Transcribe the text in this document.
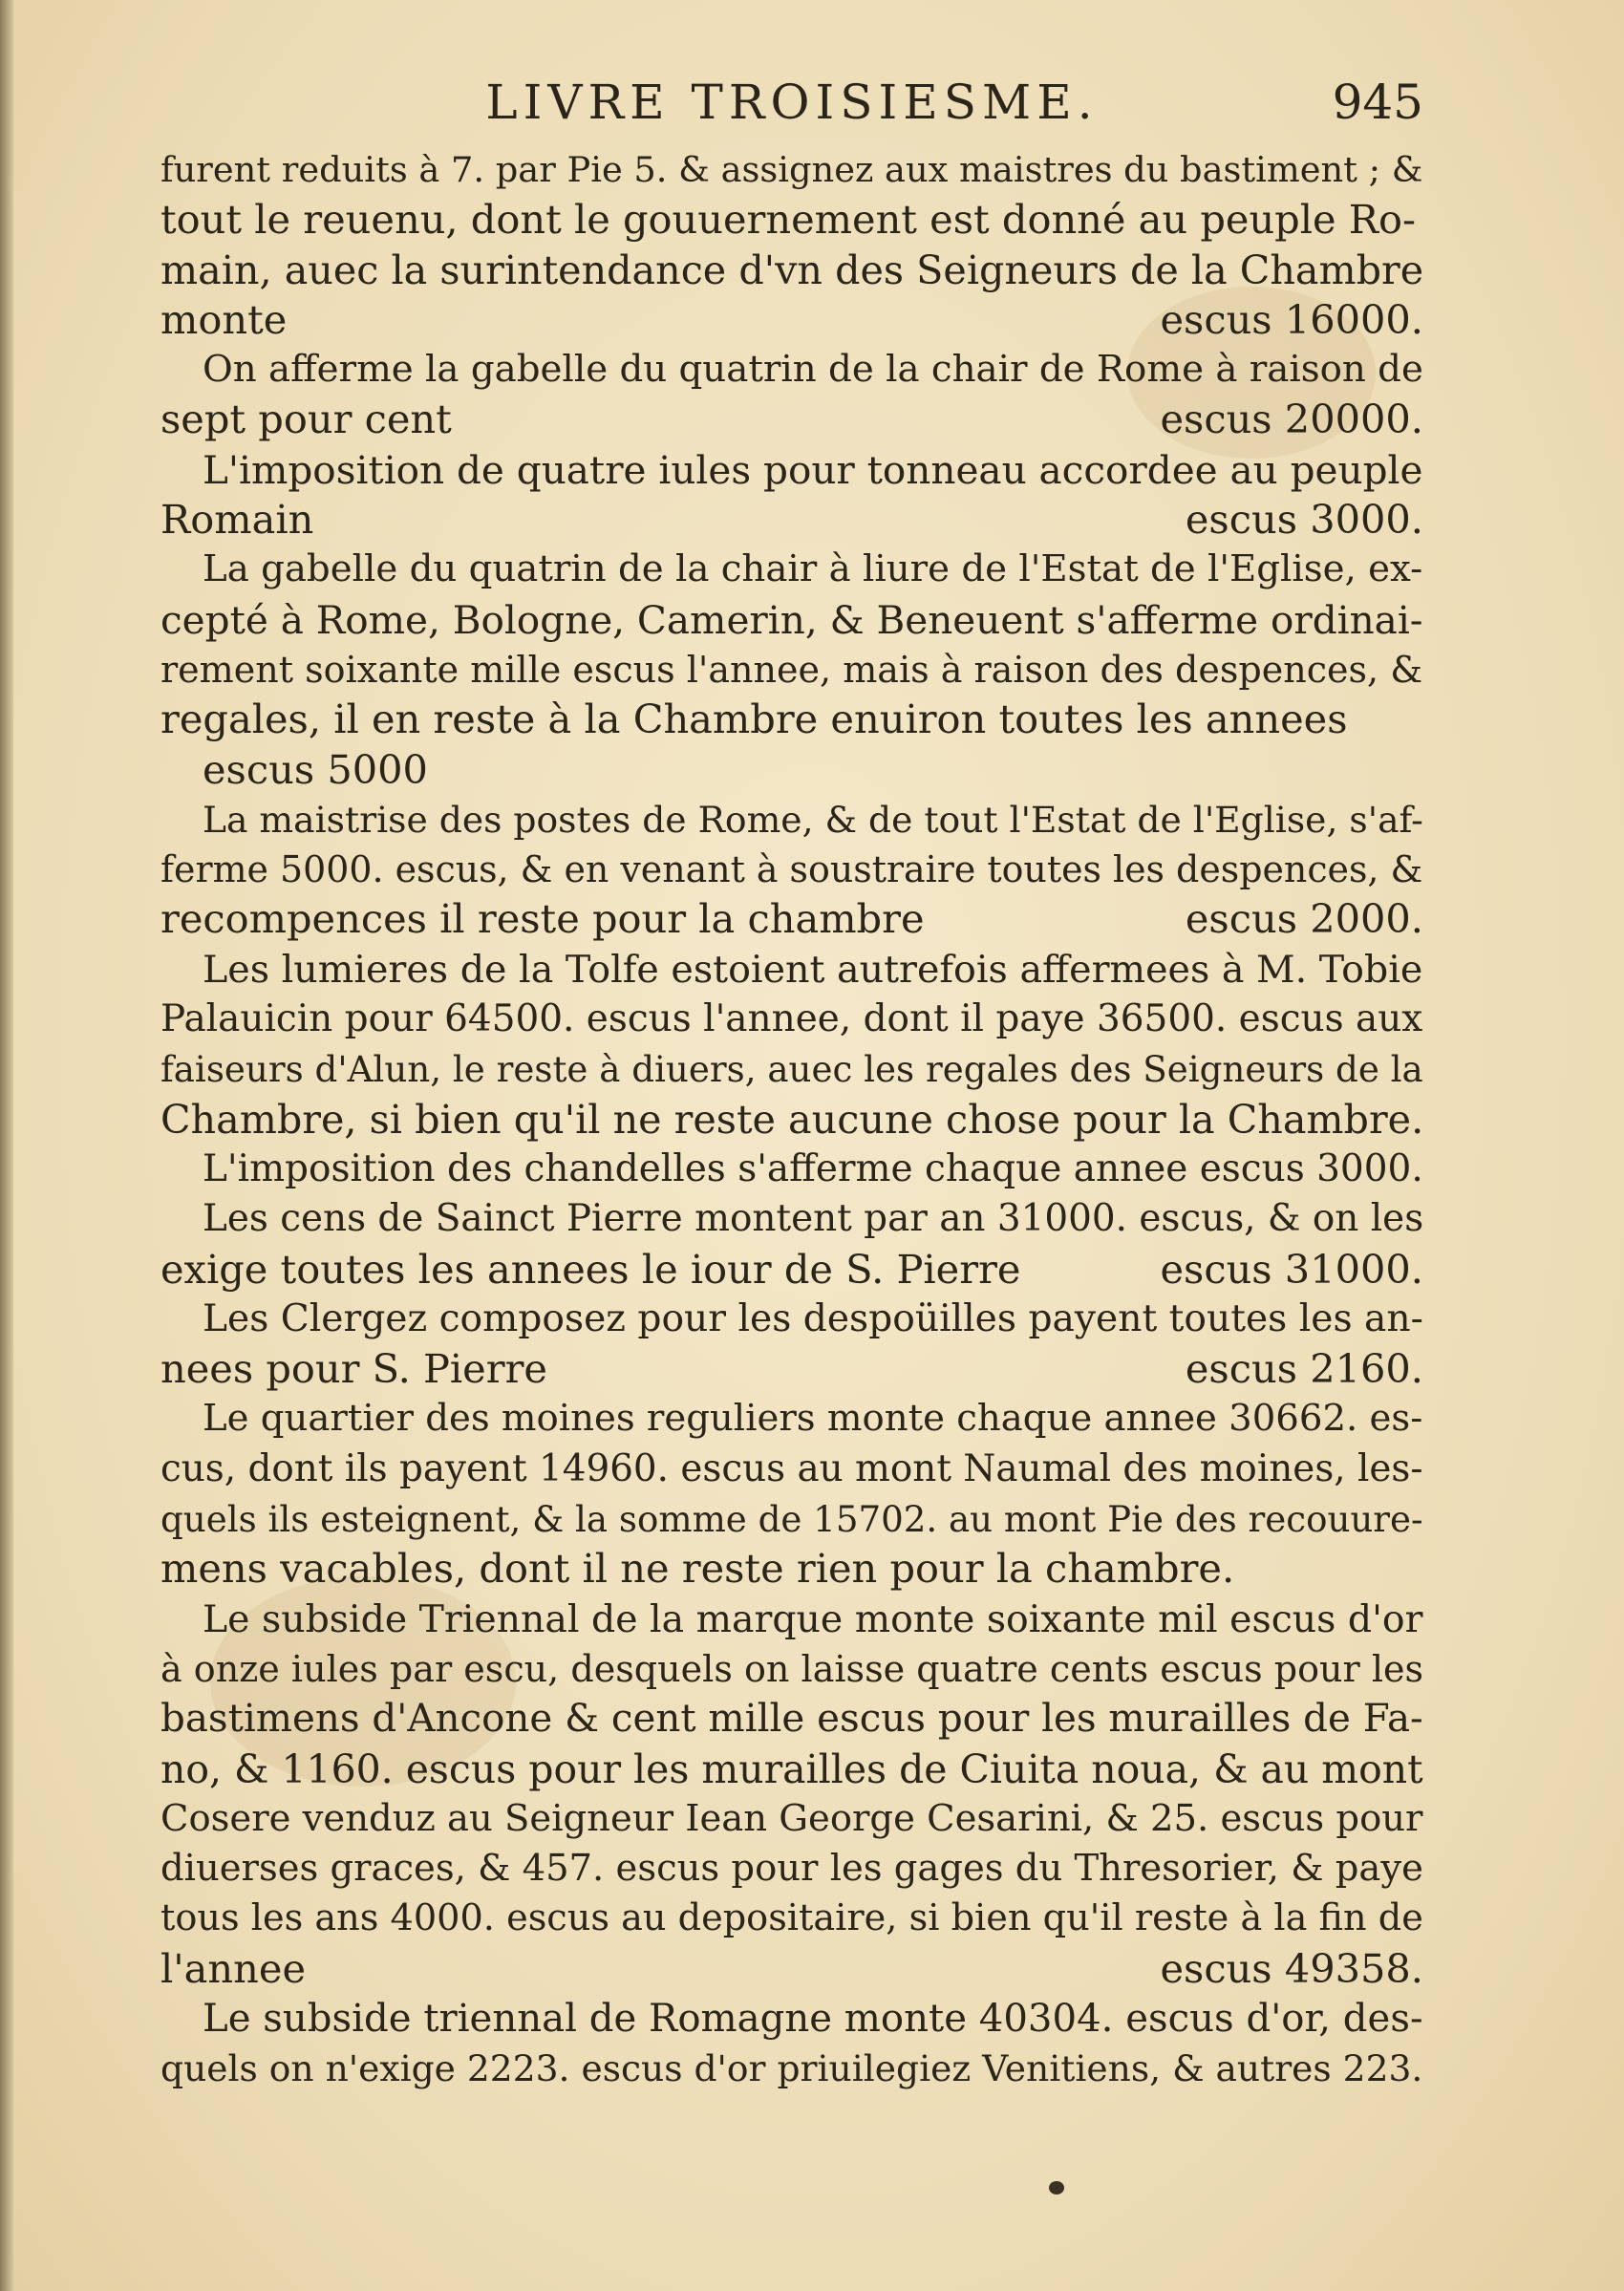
LIVRE TROISIESME.	945
furent reduits à 7. par Pie 5. & assignez aux maistres du bastiment ; &
tout le reuenu, dont le gouuernement est donné au peuple Ro-
main, auec la surintendance d'vn des Seigneurs de la Chambre
monte	escus 16000.
On afferme la gabelle du quatrin de la chair de Rome à raison de
sept pour cent	escus 20000.
L'imposition de quatre iules pour tonneau accordee au peuple
Romain	escus 3000.
La gabelle du quatrin de la chair à liure de l'Estat de l'Eglise, ex-
cepté à Rome, Bologne, Camerin, & Beneuent s'afferme ordinai-
rement soixante mille escus l'annee, mais à raison des despences, &
regales, il en reste à la Chambre enuiron toutes les annees
escus 5000
La maistrise des postes de Rome, & de tout l'Estat de l'Eglise, s'af-
ferme 5000. escus, & en venant à soustraire toutes les despences, &
recompences il reste pour la chambre	escus 2000.
Les lumieres de la Tolfe estoient autrefois affermees à M. Tobie
Palauicin pour 64500. escus l'annee, dont il paye 36500. escus aux
faiseurs d'Alun, le reste à diuers, auec les regales des Seigneurs de la
Chambre, si bien qu'il ne reste aucune chose pour la Chambre.
L'imposition des chandelles s'afferme chaque annee escus 3000.
Les cens de Sainct Pierre montent par an 31000. escus, & on les
exige toutes les annees le iour de S. Pierre	escus 31000.
Les Clergez composez pour les despoüilles payent toutes les an-
nees pour S. Pierre	escus 2160.
Le quartier des moines reguliers monte chaque annee 30662. es-
cus, dont ils payent 14960. escus au mont Naumal des moines, les-
quels ils esteignent, & la somme de 15702. au mont Pie des recouure-
mens vacables, dont il ne reste rien pour la chambre.
Le subside Triennal de la marque monte soixante mil escus d'or
à onze iules par escu, desquels on laisse quatre cents escus pour les
bastimens d'Ancone & cent mille escus pour les murailles de Fa-
no, & 1160. escus pour les murailles de Ciuita noua, & au mont
Cosere venduz au Seigneur Iean George Cesarini, & 25. escus pour
diuerses graces, & 457. escus pour les gages du Thresorier, & paye
tous les ans 4000. escus au depositaire, si bien qu'il reste à la fin de
l'annee	escus 49358.
Le subside triennal de Romagne monte 40304. escus d'or, des-
quels on n'exige 2223. escus d'or priuilegiez Venitiens, & autres 223.
